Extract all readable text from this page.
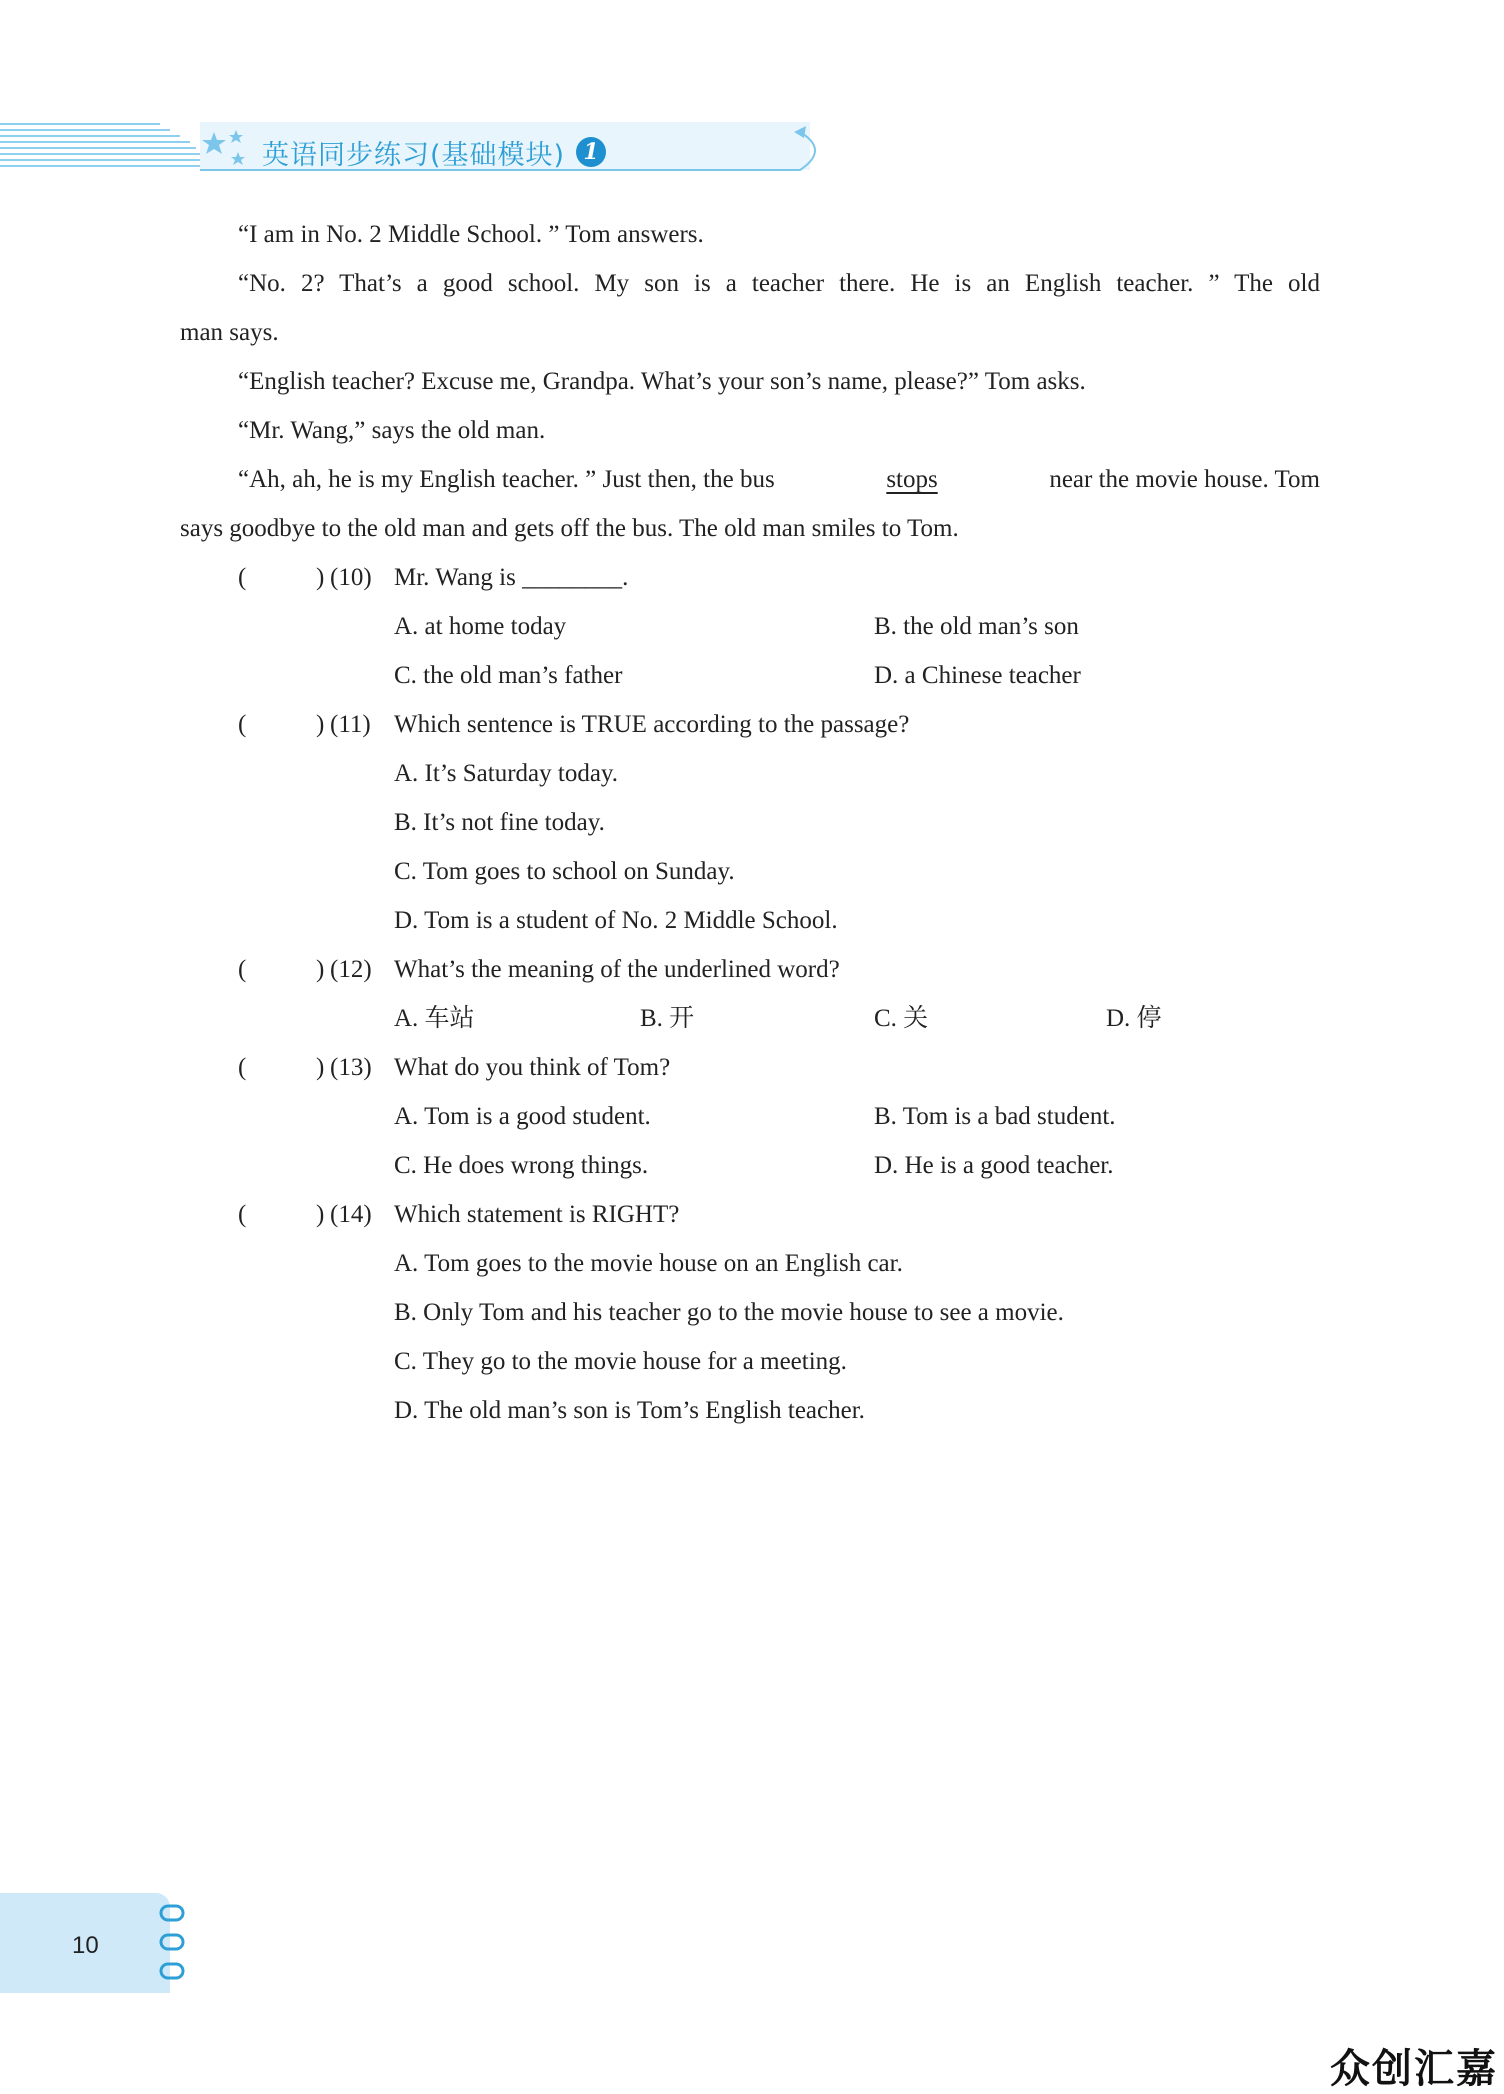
英语同步练习(基础模块) 1
“I am in No. 2 Middle School. ” Tom answers.
“No. 2? That’s a good school. My son is a teacher there. He is an English teacher. ” The old
man says.
“English teacher? Excuse me, Grandpa. What’s your son’s name, please?” Tom asks.
“Mr. Wang,” says the old man.
“Ah, ah, he is my English teacher. ” Just then, the bus	stops	near the movie house. Tom
says goodbye to the old man and gets off the bus. The old man smiles to Tom.
(	) (10) Mr. Wang is ________.
A. at home today	B. the old man’s son
C. the old man’s father	D. a Chinese teacher
(	) (11) Which sentence is TRUE according to the passage?
A. It’s Saturday today.
B. It’s not fine today.
C. Tom goes to school on Sunday.
D. Tom is a student of No. 2 Middle School.
(	) (12) What’s the meaning of the underlined word?
A. 车站	B. 开	C. 关	D. 停
(	) (13) What do you think of Tom?
A. Tom is a good student.	B. Tom is a bad student.
C. He does wrong things.	D. He is a good teacher.
(	) (14) Which statement is RIGHT?
A. Tom goes to the movie house on an English car.
B. Only Tom and his teacher go to the movie house to see a movie.
C. They go to the movie house for a meeting.
D. The old man’s son is Tom’s English teacher.
10
众创汇嘉
